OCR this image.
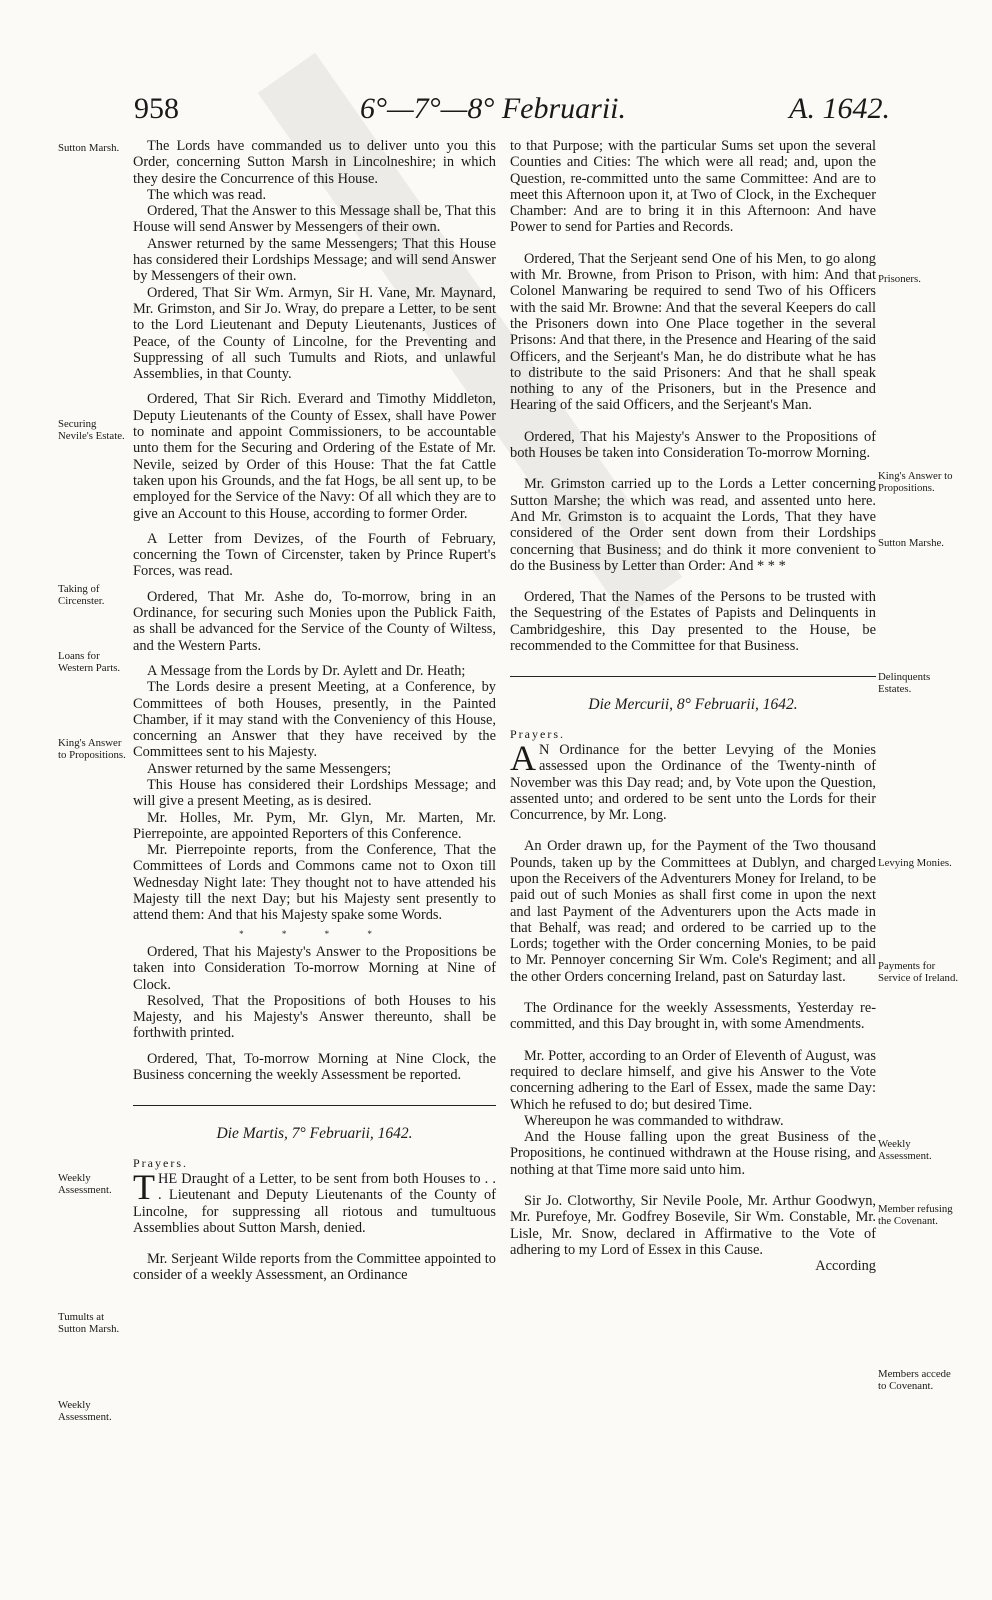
958	6°—7°—8° Februarii.	A. 1642.
Sutton Marsh.
Securing Nevile's Estate.
Taking of Circenster.
Loans for Western Parts.
King's Answer to Propositions.
Weekly Assessment.
Tumults at Sutton Marsh.
Weekly Assessment.
Prisoners.
King's Answer to Propositions.
Sutton Marshe.
Delinquents Estates.
Levying Monies.
Payments for Service of Ireland.
Weekly Assessment.
Member refusing the Covenant.
Members accede to Covenant.

The Lords have commanded us to deliver unto you this Order, concerning Sutton Marsh in Lincolneshire; in which they desire the Concurrence of this House.

The which was read.

Ordered, That the Answer to this Message shall be, That this House will send Answer by Messengers of their own.

Answer returned by the same Messengers; That this House has considered their Lordships Message; and will send Answer by Messengers of their own.

Ordered, That Sir Wm. Armyn, Sir H. Vane, Mr. Maynard, Mr. Grimston, and Sir Jo. Wray, do prepare a Letter, to be sent to the Lord Lieutenant and Deputy Lieutenants, Justices of Peace, of the County of Lincolne, for the Preventing and Suppressing of all such Tumults and Riots, and unlawful Assemblies, in that County.

Ordered, That Sir Rich. Everard and Timothy Middleton, Deputy Lieutenants of the County of Essex, shall have Power to nominate and appoint Commissioners, to be accountable unto them for the Securing and Ordering of the Estate of Mr. Nevile, seized by Order of this House: That the fat Cattle taken upon his Grounds, and the fat Hogs, be all sent up, to be employed for the Service of the Navy: Of all which they are to give an Account to this House, according to former Order.

A Letter from Devizes, of the Fourth of February, concerning the Town of Circenster, taken by Prince Rupert's Forces, was read.

Ordered, That Mr. Ashe do, To-morrow, bring in an Ordinance, for securing such Monies upon the Publick Faith, as shall be advanced for the Service of the County of Wiltess, and the Western Parts.

A Message from the Lords by Dr. Aylett and Dr. Heath;

The Lords desire a present Meeting, at a Conference, by Committees of both Houses, presently, in the Painted Chamber, if it may stand with the Conveniency of this House, concerning an Answer that they have received by the Committees sent to his Majesty.

Answer returned by the same Messengers;

This House has considered their Lordships Message; and will give a present Meeting, as is desired.

Mr. Holles, Mr. Pym, Mr. Glyn, Mr. Marten, Mr. Pierrepointe, are appointed Reporters of this Conference.

Mr. Pierrepointe reports, from the Conference, That the Committees of Lords and Commons came not to Oxon till Wednesday Night late: They thought not to have attended his Majesty till the next Day; but his Majesty sent presently to attend them: And that his Majesty spake some Words.

* * * *

Ordered, That his Majesty's Answer to the Propositions be taken into Consideration To-morrow Morning at Nine of Clock.

Resolved, That the Propositions of both Houses to his Majesty, and his Majesty's Answer thereunto, shall be forthwith printed.

Ordered, That, To-morrow Morning at Nine Clock, the Business concerning the weekly Assessment be reported.

Die Martis, 7° Februarii, 1642.

Prayers.

THE Draught of a Letter, to be sent from both Houses to . . . Lieutenant and Deputy Lieutenants of the County of Lincolne, for suppressing all riotous and tumultuous Assemblies about Sutton Marsh, denied.

Mr. Serjeant Wilde reports from the Committee appointed to consider of a weekly Assessment, an Ordinance

to that Purpose; with the particular Sums set upon the several Counties and Cities: The which were all read; and, upon the Question, re-committed unto the same Committee: And are to meet this Afternoon upon it, at Two of Clock, in the Exchequer Chamber: And are to bring it in this Afternoon: And have Power to send for Parties and Records.

Ordered, That the Serjeant send One of his Men, to go along with Mr. Browne, from Prison to Prison, with him: And that Colonel Manwaring be required to send Two of his Officers with the said Mr. Browne: And that the several Keepers do call the Prisoners down into One Place together in the several Prisons: And that there, in the Presence and Hearing of the said Officers, and the Serjeant's Man, he do distribute what he has to distribute to the said Prisoners: And that he shall speak nothing to any of the Prisoners, but in the Presence and Hearing of the said Officers, and the Serjeant's Man.

Ordered, That his Majesty's Answer to the Propositions of both Houses be taken into Consideration To-morrow Morning.

Mr. Grimston carried up to the Lords a Letter concerning Sutton Marshe; the which was read, and assented unto here. And Mr. Grimston is to acquaint the Lords, That they have considered of the Order sent down from their Lordships concerning that Business; and do think it more convenient to do the Business by Letter than Order: And * * *

Ordered, That the Names of the Persons to be trusted with the Sequestring of the Estates of Papists and Delinquents in Cambridgeshire, this Day presented to the House, be recommended to the Committee for that Business.

Die Mercurii, 8° Februarii, 1642.

Prayers.

A N Ordinance for the better Levying of the Monies assessed upon the Ordinance of the Twenty-ninth of November was this Day read; and, by Vote upon the Question, assented unto; and ordered to be sent unto the Lords for their Concurrence, by Mr. Long.

An Order drawn up, for the Payment of the Two thousand Pounds, taken up by the Committees at Dublyn, and charged upon the Receivers of the Adventurers Money for Ireland, to be paid out of such Monies as shall first come in upon the next and last Payment of the Adventurers upon the Acts made in that Behalf, was read; and ordered to be carried up to the Lords; together with the Order concerning Monies, to be paid to Mr. Pennoyer concerning Sir Wm. Cole's Regiment; and all the other Orders concerning Ireland, past on Saturday last.

The Ordinance for the weekly Assessments, Yesterday re-committed, and this Day brought in, with some Amendments.

Mr. Potter, according to an Order of Eleventh of August, was required to declare himself, and give his Answer to the Vote concerning adhering to the Earl of Essex, made the same Day: Which he refused to do; but desired Time.

Whereupon he was commanded to withdraw.

And the House falling upon the great Business of the Propositions, he continued withdrawn at the House rising, and nothing at that Time more said unto him.

Sir Jo. Clotworthy, Sir Nevile Poole, Mr. Arthur Goodwyn, Mr. Purefoye, Mr. Godfrey Bosevile, Sir Wm. Constable, Mr. Lisle, Mr. Snow, declared in Affirmative to the Vote of adhering to my Lord of Essex in this Cause.

According
